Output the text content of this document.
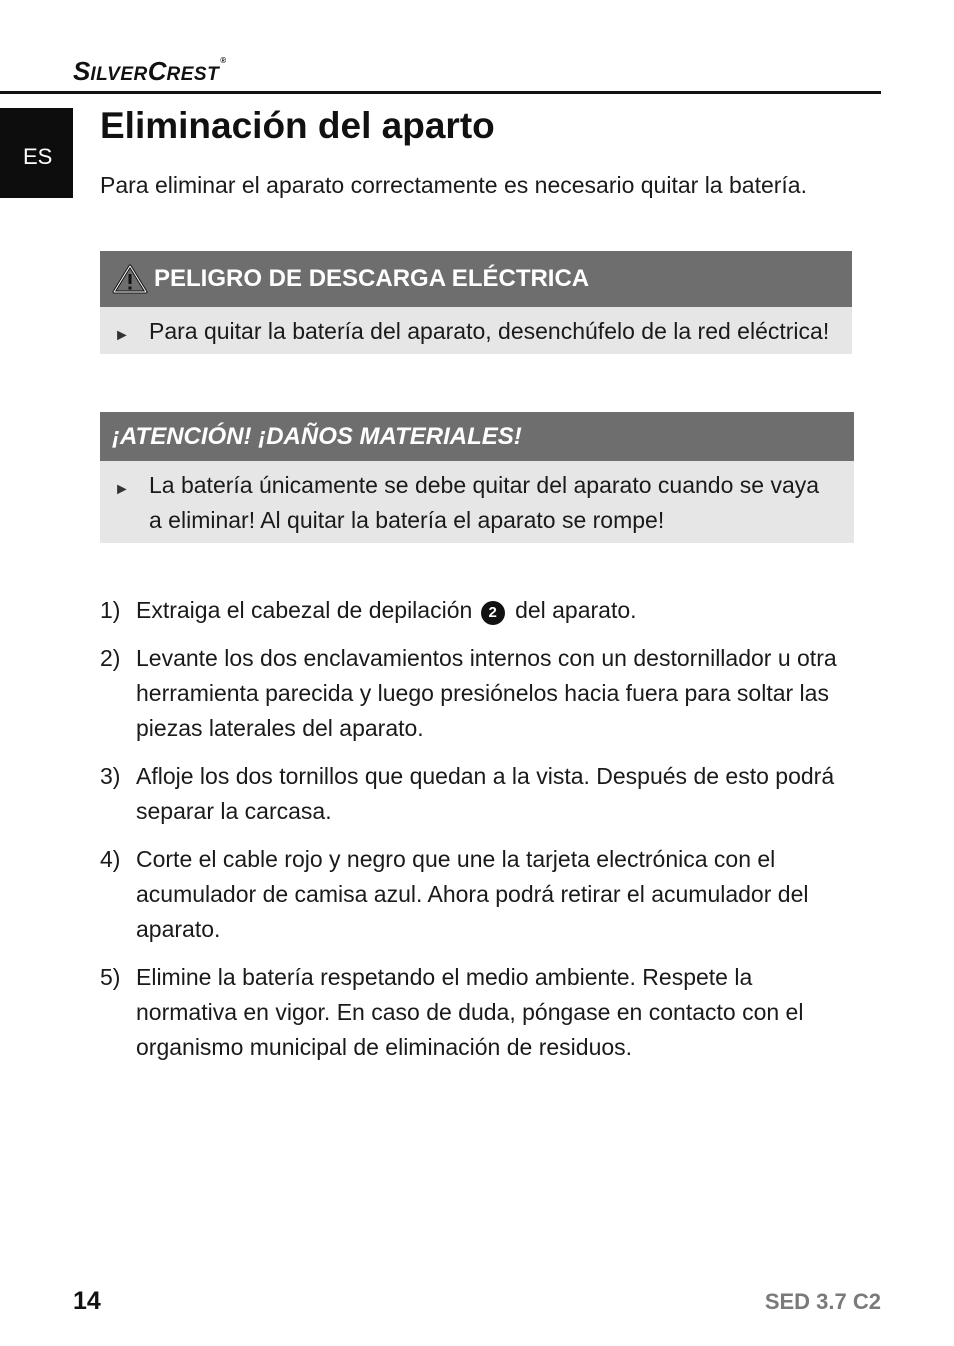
SILVERCREST®
ES
Eliminación del aparto

Para eliminar el aparato correctamente es necesario quitar la batería.

PELIGRO DE DESCARGA ELÉCTRICA
► Para quitar la batería del aparato, desenchúfelo de la red eléctrica!
¡ATENCIÓN! ¡DAÑOS MATERIALES!
► La batería únicamente se debe quitar del aparato cuando se vaya a eliminar! Al quitar la batería el aparato se rompe!
1) Extraiga el cabezal de depilación 2 del aparato.
2) Levante los dos enclavamientos internos con un destornillador u otra herramienta parecida y luego presiónelos hacia fuera para soltar las piezas laterales del aparato.
3) Afloje los dos tornillos que quedan a la vista. Después de esto podrá separar la carcasa.
4) Corte el cable rojo y negro que une la tarjeta electrónica con el acumulador de camisa azul. Ahora podrá retirar el acumulador del aparato.
5) Elimine la batería respetando el medio ambiente. Respete la normativa en vigor. En caso de duda, póngase en contacto con el organismo municipal de eliminación de residuos.
14	SED 3.7 C2
